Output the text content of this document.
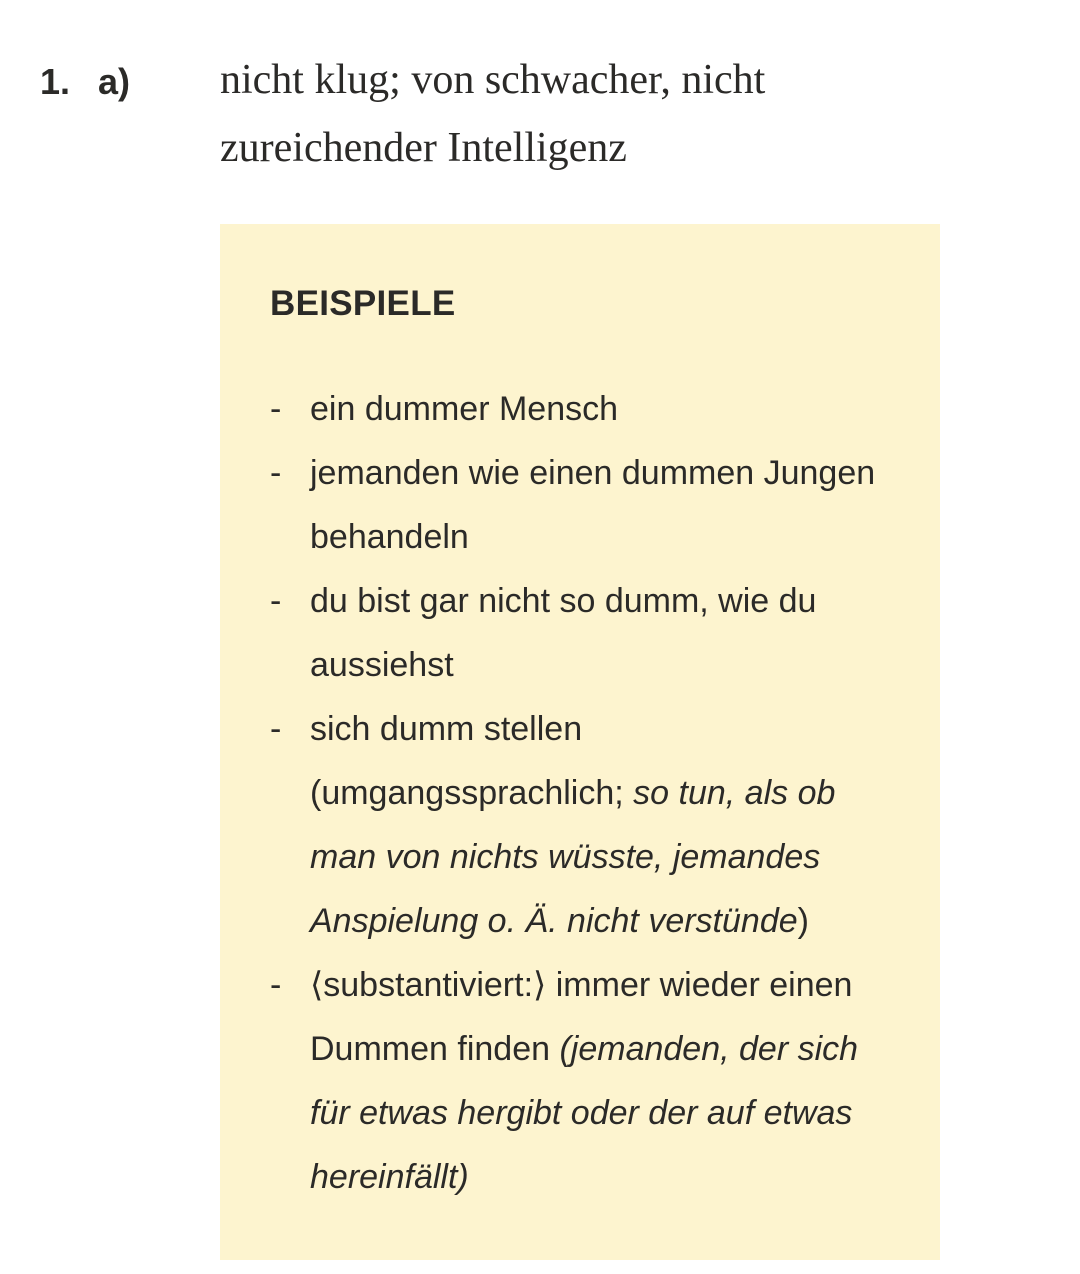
1. a) nicht klug; von schwacher, nicht zureichender Intelligenz
BEISPIELE
- ein dummer Mensch
- jemanden wie einen dummen Jungen behandeln
- du bist gar nicht so dumm, wie du aussiehst
- sich dumm stellen (umgangssprachlich; so tun, als ob man von nichts wüsste, jemandes Anspielung o. Ä. nicht verstünde)
- ⟨substantiviert:⟩ immer wieder einen Dummen finden (jemanden, der sich für etwas hergibt oder der auf etwas hereinfällt)
